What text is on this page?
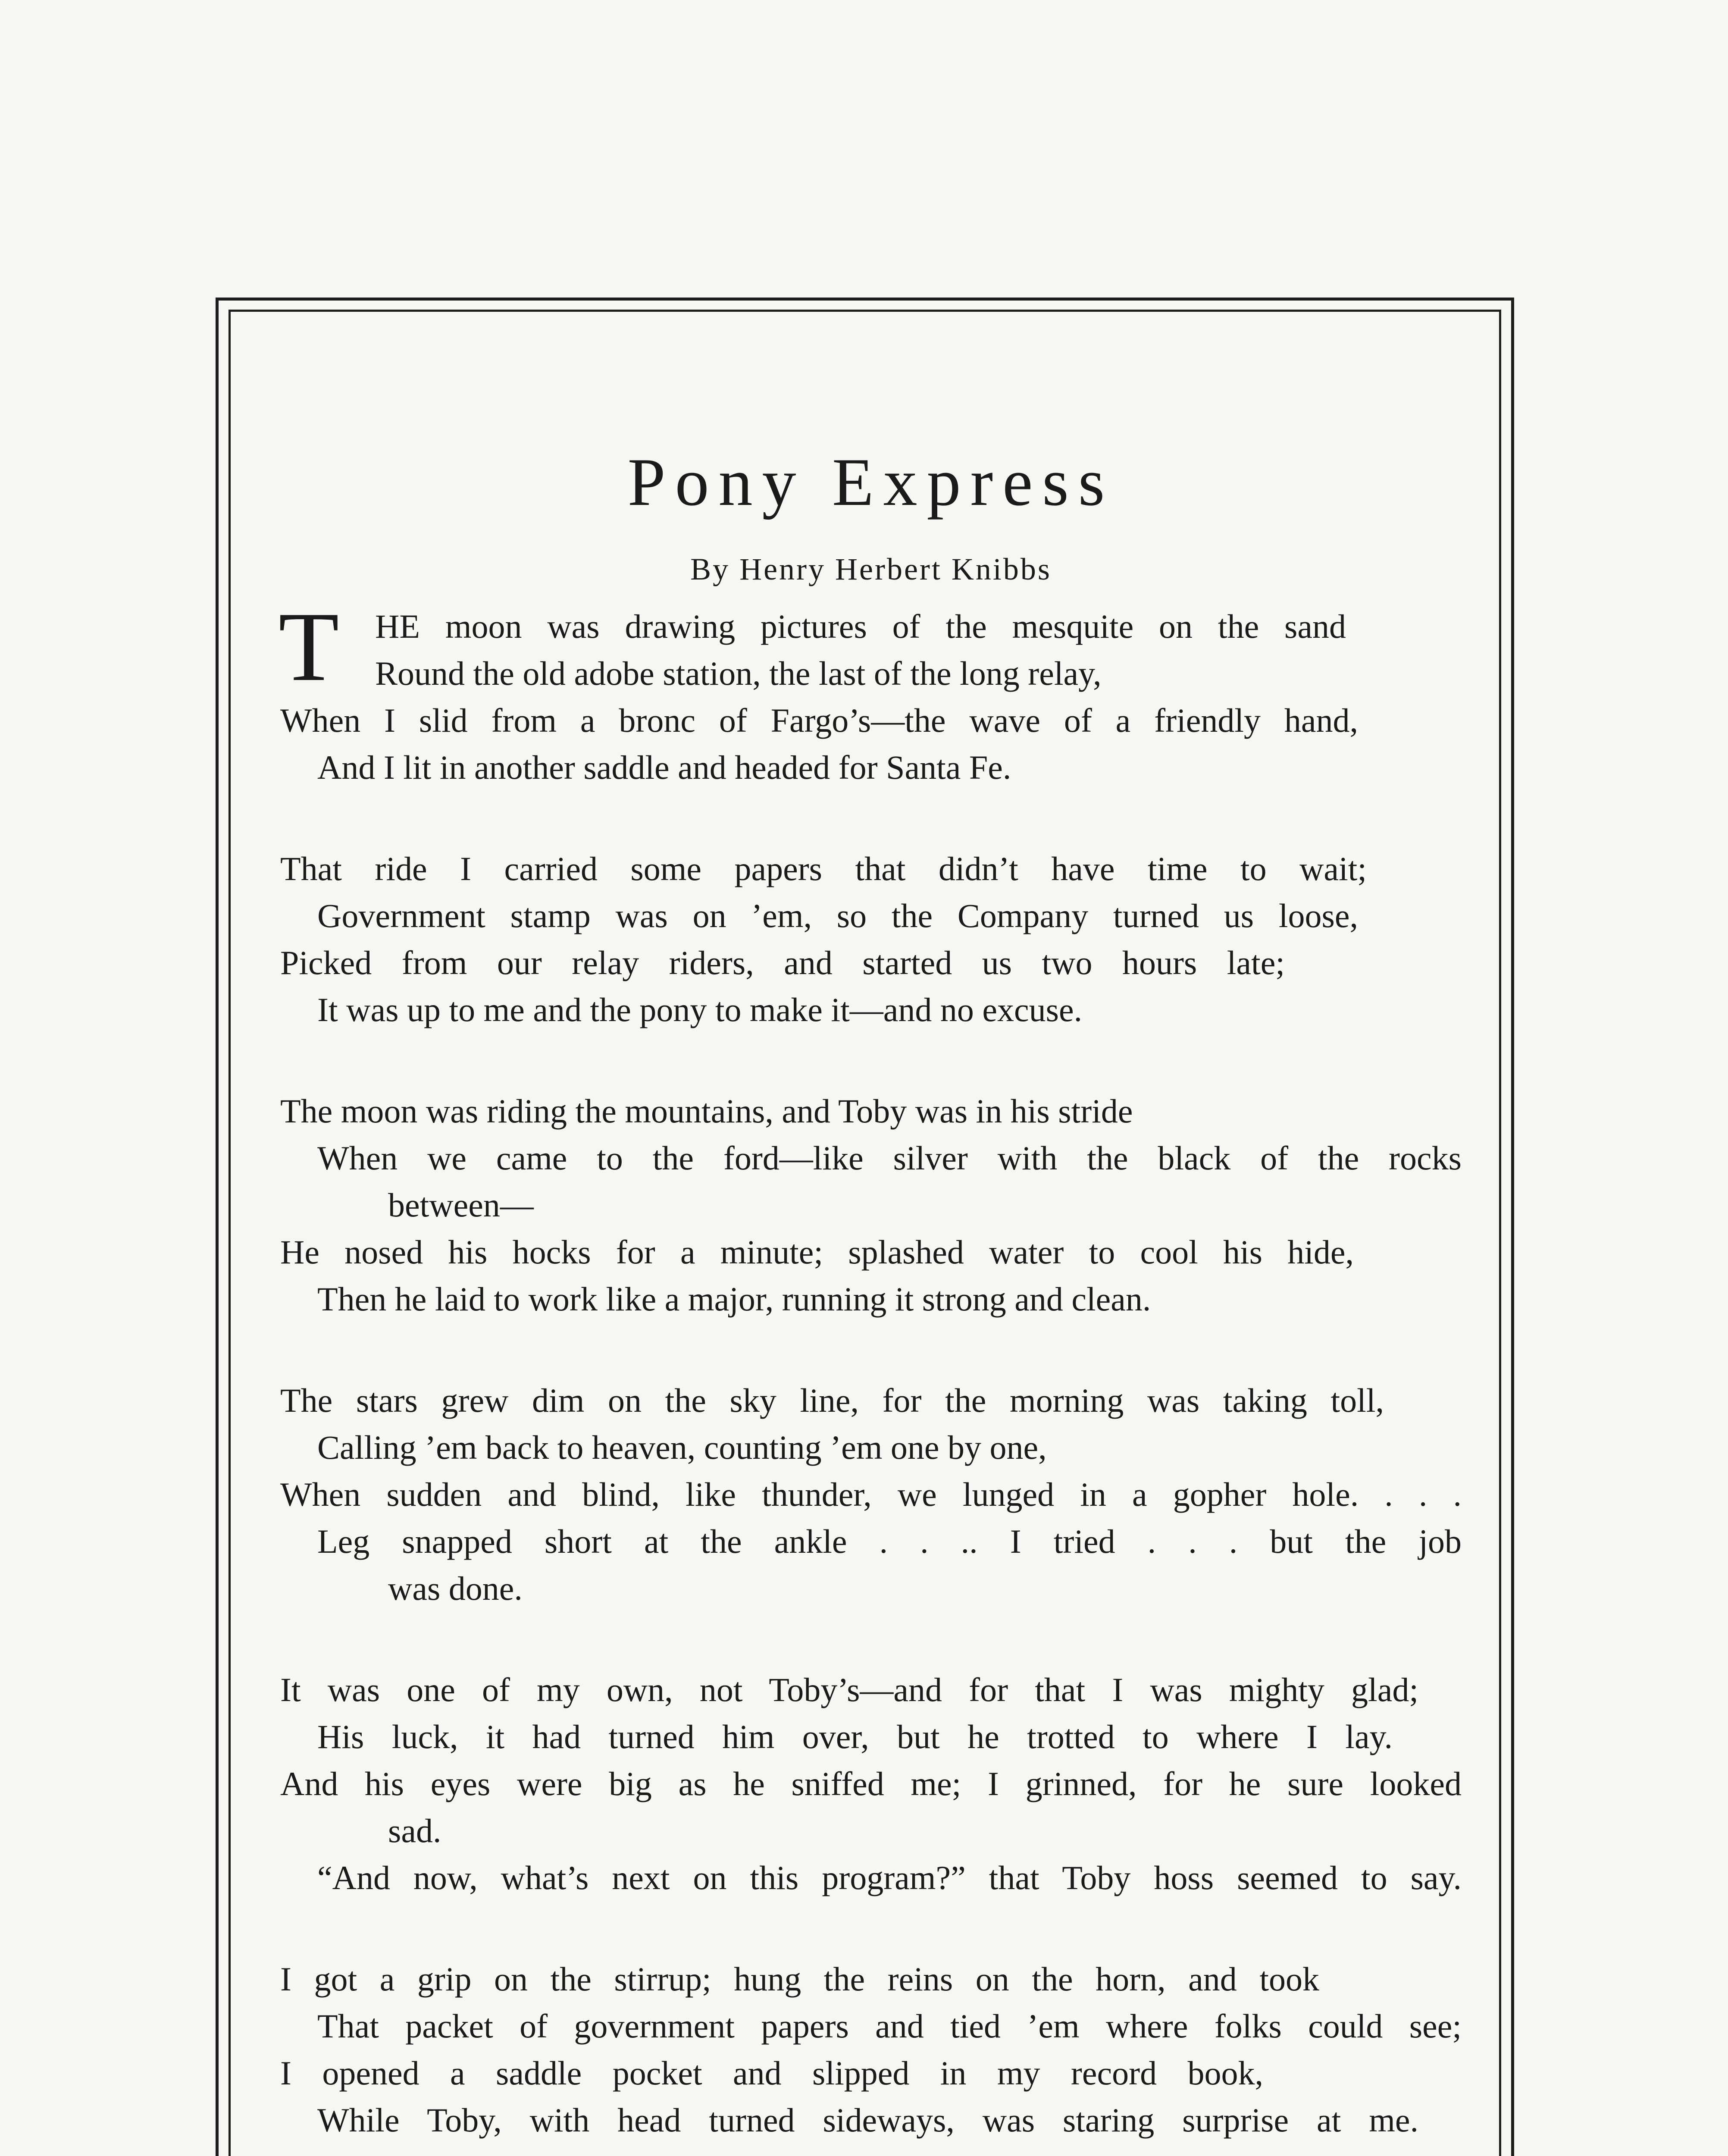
Pony Express
By Henry Herbert Knibbs
T	HE moon was drawing pictures of the mesquite on the sand
Round the old adobe station, the last of the long relay,
When I slid from a bronc of Fargo’s—the wave of a friendly hand,
And I lit in another saddle and headed for Santa Fe.
That ride I carried some papers that didn’t have time to wait;
Government stamp was on ’em, so the Company turned us loose,
Picked from our relay riders, and started us two hours late;
It was up to me and the pony to make it—and no excuse.
The moon was riding the mountains, and Toby was in his stride
When we came to the ford—like silver with the black of the rocks
between—
He nosed his hocks for a minute; splashed water to cool his hide,
Then he laid to work like a major, running it strong and clean.
The stars grew dim on the sky line, for the morning was taking toll,
Calling ’em back to heaven, counting ’em one by one,
When sudden and blind, like thunder, we lunged in a gopher hole. . . .
Leg snapped short at the ankle . . .. I tried . . . but the job
was done.
It was one of my own, not Toby’s—and for that I was mighty glad;
His luck, it had turned him over, but he trotted to where I lay.
And his eyes were big as he sniffed me; I grinned, for he sure looked
sad.
“And now, what’s next on this program?” that Toby hoss seemed to say.
I got a grip on the stirrup; hung the reins on the horn, and took
That packet of government papers and tied ’em where folks could see;
I opened a saddle pocket and slipped in my record book,
While Toby, with head turned sideways, was staring surprise at me.
